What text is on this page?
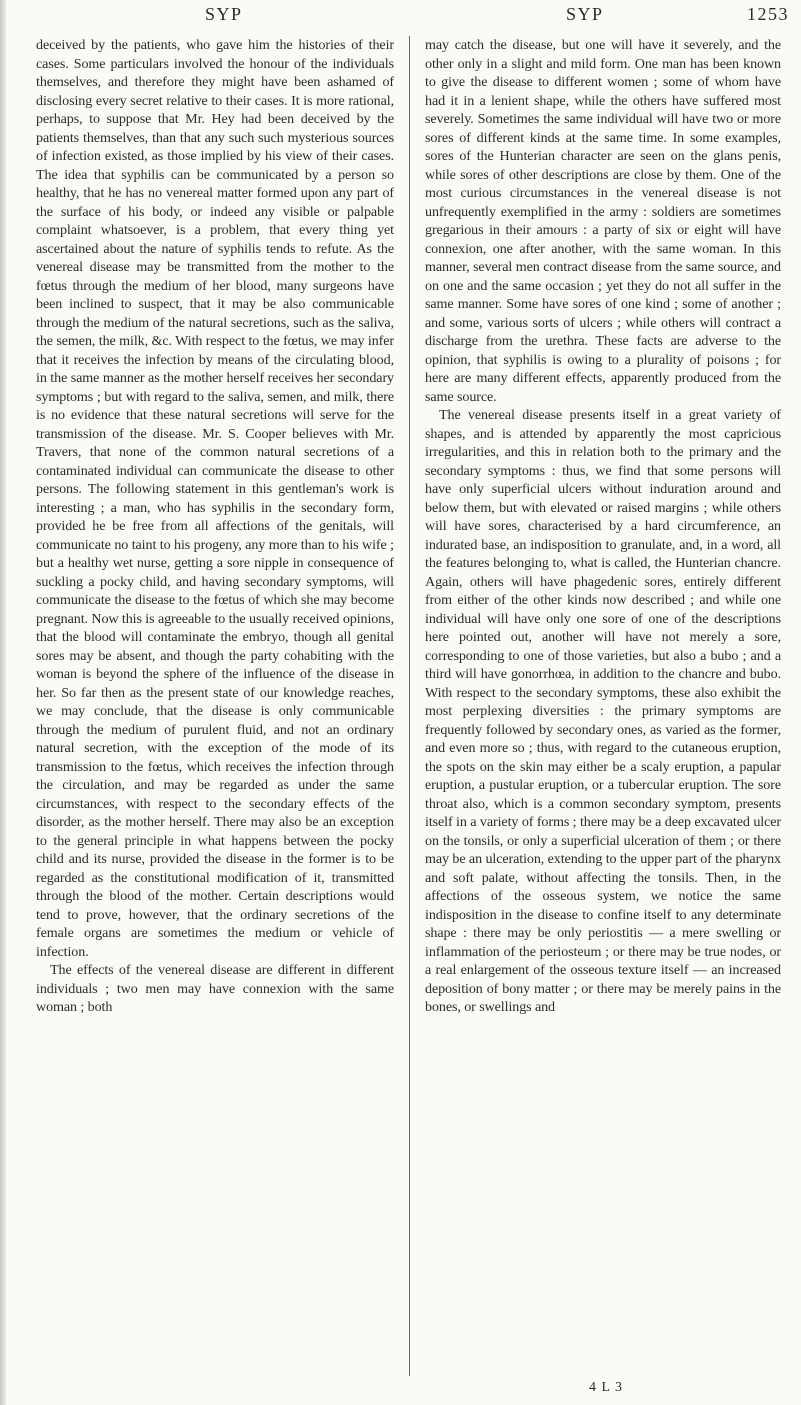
SYP	SYP	1253

deceived by the patients, who gave him the histories of their cases. Some particulars involved the honour of the individuals themselves, and therefore they might have been ashamed of disclosing every secret relative to their cases. It is more rational, perhaps, to suppose that Mr. Hey had been deceived by the patients themselves, than that any such such mysterious sources of infection existed, as those implied by his view of their cases. The idea that syphilis can be communicated by a person so healthy, that he has no venereal matter formed upon any part of the surface of his body, or indeed any visible or palpable complaint whatsoever, is a problem, that every thing yet ascertained about the nature of syphilis tends to refute. As the venereal disease may be transmitted from the mother to the fœtus through the medium of her blood, many surgeons have been inclined to suspect, that it may be also communicable through the medium of the natural secretions, such as the saliva, the semen, the milk, &c. With respect to the fœtus, we may infer that it receives the infection by means of the circulating blood, in the same manner as the mother herself receives her secondary symptoms ; but with regard to the saliva, semen, and milk, there is no evidence that these natural secretions will serve for the transmission of the disease. Mr. S. Cooper believes with Mr. Travers, that none of the common natural secretions of a contaminated individual can communicate the disease to other persons. The following statement in this gentleman's work is interesting ; a man, who has syphilis in the secondary form, provided he be free from all affections of the genitals, will communicate no taint to his progeny, any more than to his wife ; but a healthy wet nurse, getting a sore nipple in consequence of suckling a pocky child, and having secondary symptoms, will communicate the disease to the fœtus of which she may become pregnant. Now this is agreeable to the usually received opinions, that the blood will contaminate the embryo, though all genital sores may be absent, and though the party cohabiting with the woman is beyond the sphere of the influence of the disease in her. So far then as the present state of our knowledge reaches, we may conclude, that the disease is only communicable through the medium of purulent fluid, and not an ordinary natural secretion, with the exception of the mode of its transmission to the fœtus, which receives the infection through the circulation, and may be regarded as under the same circumstances, with respect to the secondary effects of the disorder, as the mother herself. There may also be an exception to the general principle in what happens between the pocky child and its nurse, provided the disease in the former is to be regarded as the constitutional modification of it, transmitted through the blood of the mother. Certain descriptions would tend to prove, however, that the ordinary secretions of the female organs are sometimes the medium or vehicle of infection.

The effects of the venereal disease are different in different individuals ; two men may have connexion with the same woman ; both

may catch the disease, but one will have it severely, and the other only in a slight and mild form. One man has been known to give the disease to different women ; some of whom have had it in a lenient shape, while the others have suffered most severely. Sometimes the same individual will have two or more sores of different kinds at the same time. In some examples, sores of the Hunterian character are seen on the glans penis, while sores of other descriptions are close by them. One of the most curious circumstances in the venereal disease is not unfrequently exemplified in the army : soldiers are sometimes gregarious in their amours : a party of six or eight will have connexion, one after another, with the same woman. In this manner, several men contract disease from the same source, and on one and the same occasion ; yet they do not all suffer in the same manner. Some have sores of one kind ; some of another ; and some, various sorts of ulcers ; while others will contract a discharge from the urethra. These facts are adverse to the opinion, that syphilis is owing to a plurality of poisons ; for here are many different effects, apparently produced from the same source.

The venereal disease presents itself in a great variety of shapes, and is attended by apparently the most capricious irregularities, and this in relation both to the primary and the secondary symptoms : thus, we find that some persons will have only superficial ulcers without induration around and below them, but with elevated or raised margins ; while others will have sores, characterised by a hard circumference, an indurated base, an indisposition to granulate, and, in a word, all the features belonging to, what is called, the Hunterian chancre. Again, others will have phagedenic sores, entirely different from either of the other kinds now described ; and while one individual will have only one sore of one of the descriptions here pointed out, another will have not merely a sore, corresponding to one of those varieties, but also a bubo ; and a third will have gonorrhœa, in addition to the chancre and bubo. With respect to the secondary symptoms, these also exhibit the most perplexing diversities : the primary symptoms are frequently followed by secondary ones, as varied as the former, and even more so ; thus, with regard to the cutaneous eruption, the spots on the skin may either be a scaly eruption, a papular eruption, a pustular eruption, or a tubercular eruption. The sore throat also, which is a common secondary symptom, presents itself in a variety of forms ; there may be a deep excavated ulcer on the tonsils, or only a superficial ulceration of them ; or there may be an ulceration, extending to the upper part of the pharynx and soft palate, without affecting the tonsils. Then, in the affections of the osseous system, we notice the same indisposition in the disease to confine itself to any determinate shape : there may be only periostitis — a mere swelling or inflammation of the periosteum ; or there may be true nodes, or a real enlargement of the osseous texture itself — an increased deposition of bony matter ; or there may be merely pains in the bones, or swellings and

4 L 3
